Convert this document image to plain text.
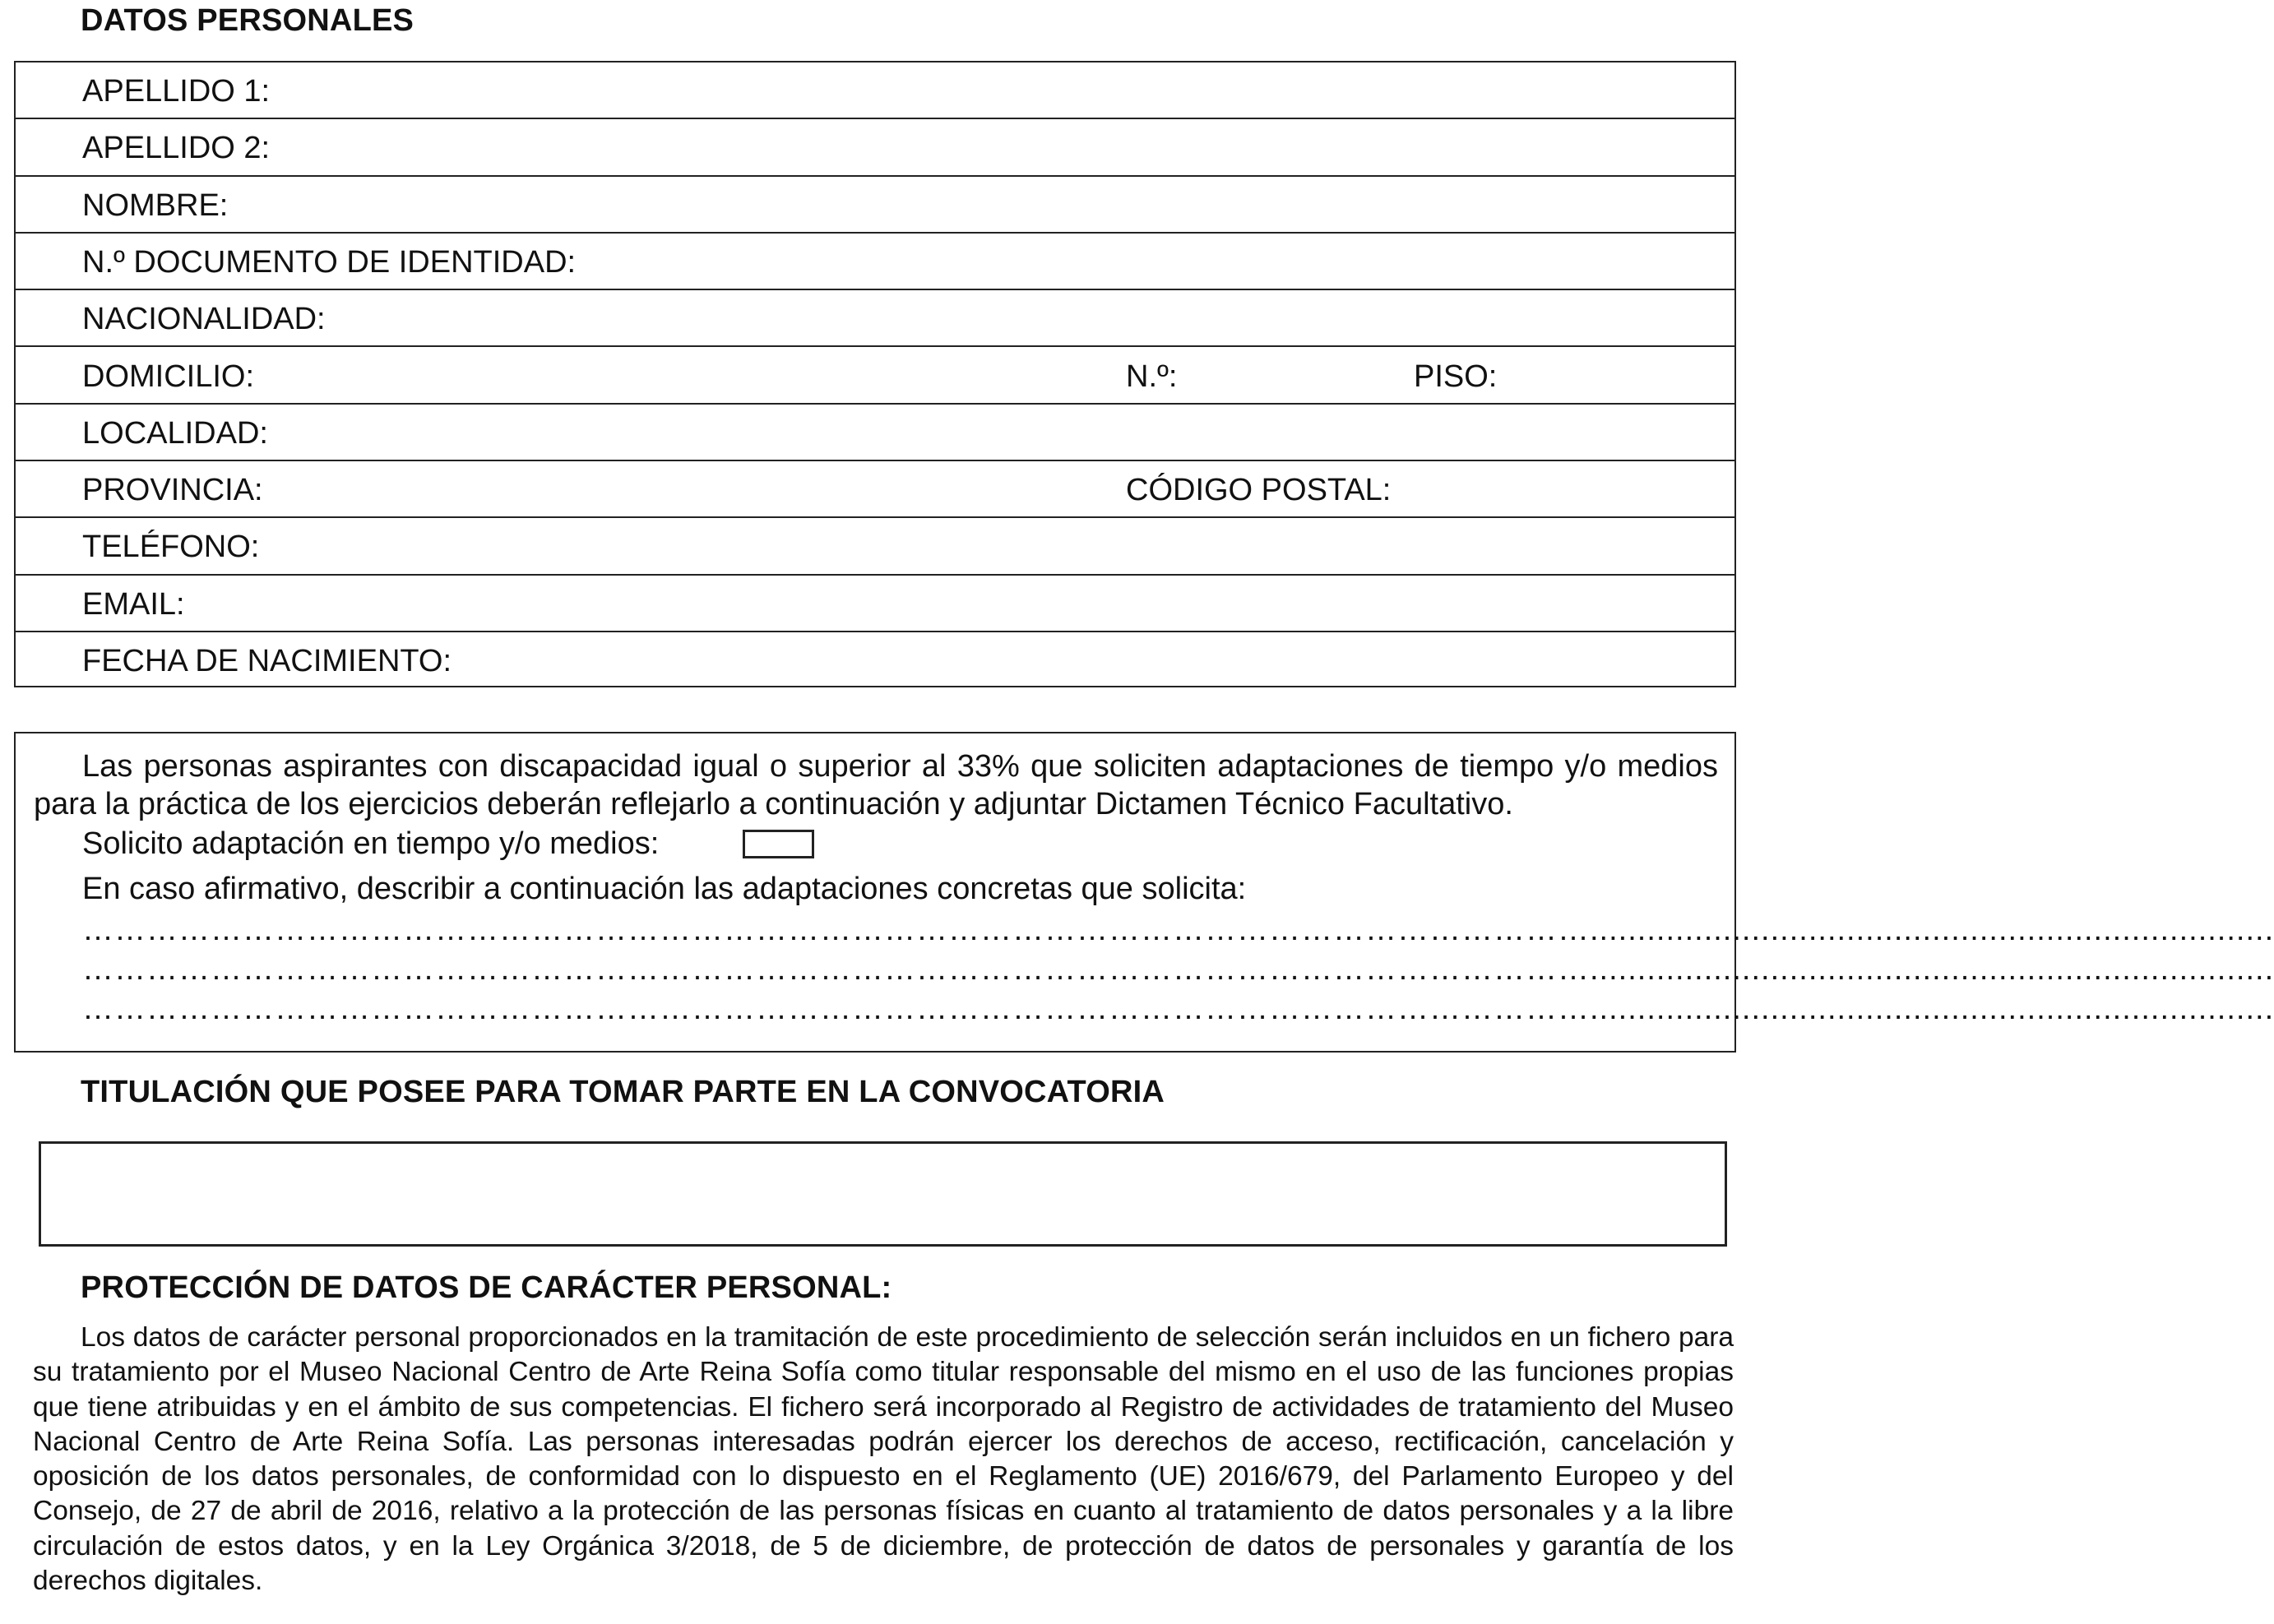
DATOS PERSONALES
APELLIDO 1:
APELLIDO 2:
NOMBRE:
N.º DOCUMENTO DE IDENTIDAD:
NACIONALIDAD:
DOMICILIO:	N.º:	PISO:
LOCALIDAD:
PROVINCIA:	CÓDIGO POSTAL:
TELÉFONO:
EMAIL:
FECHA DE NACIMIENTO:

Las personas aspirantes con discapacidad igual o superior al 33% que soliciten adaptaciones de tiempo y/o medios para la práctica de los ejercicios deberán reflejarlo a continuación y adjuntar Dictamen Técnico Facultativo.

Solicito adaptación en tiempo y/o medios:
En caso afirmativo, describir a continuación las adaptaciones concretas que solicita:
……………………………………………………………………………………………………………………………........................................................................
……………………………………………………………………………………………………………………………........................................................................
……………………………………………………………………………………………………………………………........................................................................
TITULACIÓN QUE POSEE PARA TOMAR PARTE EN LA CONVOCATORIA
PROTECCIÓN DE DATOS DE CARÁCTER PERSONAL:

Los datos de carácter personal proporcionados en la tramitación de este procedimiento de selección serán incluidos en un fichero para su tratamiento por el Museo Nacional Centro de Arte Reina Sofía como titular responsable del mismo en el uso de las funciones propias que tiene atribuidas y en el ámbito de sus competencias. El fichero será incorporado al Registro de actividades de tratamiento del Museo Nacional Centro de Arte Reina Sofía. Las personas interesadas podrán ejercer los derechos de acceso, rectificación, cancelación y oposición de los datos personales, de conformidad con lo dispuesto en el Reglamento (UE) 2016/679, del Parlamento Europeo y del Consejo, de 27 de abril de 2016, relativo a la protección de las personas físicas en cuanto al tratamiento de datos personales y a la libre circulación de estos datos, y en la Ley Orgánica 3/2018, de 5 de diciembre, de protección de datos de personales y garantía de los derechos digitales.
